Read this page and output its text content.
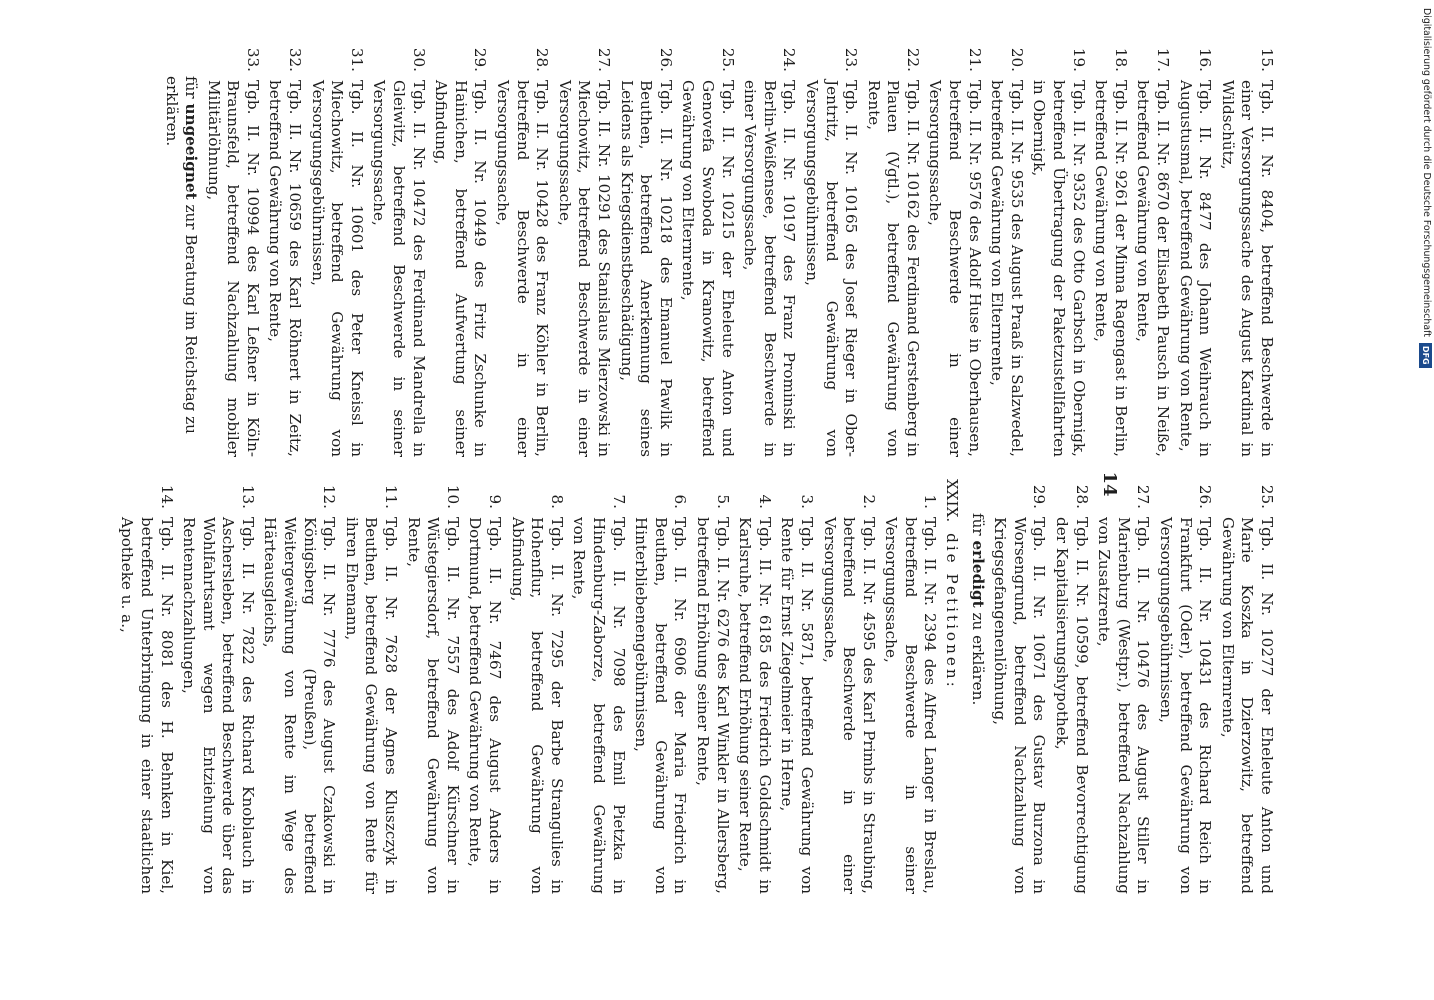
14
25.
Tgb. II. Nr. 10277 der Eheleute Anton und Marie Koszka in Dzierzowitz, betreffend Gewährung von Elternrente,
26.
Tgb. II. Nr. 10431 des Richard Reich in Frankfurt (Oder), betreffend Gewährung von Versorgungsgebührnissen,
27.
Tgb. II. Nr. 10476 des August Stiller in Marienburg (Westpr.), betreffend Nachzahlung von Zusatzrente,
28.
Tgb. II. Nr. 10599, betreffend Bevorrechtigung der Kapitalisierungshypothek,
29.
Tgb. II. Nr. 10671 des Gustav Burzona in Worsengrund, betreffend Nachzahlung von Kriegsgefangenenlöhnung,
für erledigt zu erklären.
XXIX. die Petitionen:
1.
Tgb. II. Nr. 2394 des Alfred Langer in Breslau, betreffend Beschwerde in seiner Versorgungssache,
2.
Tgb. II. Nr. 4595 des Karl Primbs in Straubing, betreffend Beschwerde in einer Versorgungssache,
3.
Tgb. II. Nr. 5871, betreffend Gewährung von Rente für Ernst Ziegelmeier in Herne,
4.
Tgb. II. Nr. 6185 des Friedrich Goldschmidt in Karlsruhe, betreffend Erhöhung seiner Rente,
5.
Tgb. II. Nr. 6276 des Karl Winkler in Allersberg, betreffend Erhöhung seiner Rente,
6.
Tgb. II. Nr. 6906 der Maria Friedrich in Beuthen, betreffend Gewährung von Hinterbliebenengebührnissen,
7.
Tgb. II. Nr. 7098 des Emil Pietzka in Hindenburg-Zaborze, betreffend Gewährung von Rente,
8.
Tgb. II. Nr. 7295 der Barbe Strangulies in Hohenflur, betreffend Gewährung von Abfindung,
9.
Tgb. II. Nr. 7467 des August Anders in Dortmund, betreffend Gewährung von Rente,
10.
Tgb. II. Nr. 7557 des Adolf Kürschner in Wüstegiersdorf, betreffend Gewährung von Rente,
11.
Tgb. II. Nr. 7628 der Agnes Kluszczyk in Beuthen, betreffend Gewährung von Rente für ihren Ehemann,
12.
Tgb. II. Nr. 7776 des August Czakowski in Königsberg (Preußen), betreffend Weitergewährung von Rente im Wege des Härteausgleichs,
13.
Tgb. II. Nr. 7822 des Richard Knoblauch in Aschersleben, betreffend Beschwerde über das Wohlfahrtsamt wegen Entziehung von Rentennachzahlungen,
14.
Tgb. II. Nr. 8081 des H. Behnken in Kiel, betreffend Unterbringung in einer staatlichen Apotheke u. a.,
15.
Tgb. II. Nr. 8404, betreffend Beschwerde in einer Versorgungssache des August Kardinal in Wildschütz,
16.
Tgb. II. Nr. 8477 des Johann Weihrauch in Augustusmal, betreffend Gewährung von Rente,
17.
Tgb. II. Nr. 8670 der Elisabeth Pausch in Neiße, betreffend Gewährung von Rente,
18.
Tgb. II. Nr. 9261 der Minna Ragengast in Berlin, betreffend Gewährung von Rente,
19.
Tgb. II. Nr. 9352 des Otto Garbsch in Obernigk, betreffend Übertragung der Paketzustellfahrten in Obernigk,
20.
Tgb. II. Nr. 9535 des August Praaß in Salzwedel, betreffend Gewährung von Elternrente,
21.
Tgb. II. Nr. 9576 des Adolf Huse in Oberhausen, betreffend Beschwerde in einer Versorgungssache,
22.
Tgb. II. Nr. 10162 des Ferdinand Gerstenberg in Plauen (Vgtl.), betreffend Gewährung von Rente,
23.
Tgb. II. Nr. 10165 des Josef Rieger in Ober-Jentritz, betreffend Gewährung von Versorgungsgebührnissen,
24.
Tgb. II. Nr. 10197 des Franz Prominski in Berlin-Weißensee, betreffend Beschwerde in einer Versorgungssache,
25.
Tgb. II. Nr. 10215 der Eheleute Anton und Genovefa Swoboda in Kranowitz, betreffend Gewährung von Elternrente,
26.
Tgb. II. Nr. 10218 des Emanuel Pawlik in Beuthen, betreffend Anerkennung seines Leidens als Kriegsdienstbeschädigung,
27.
Tgb. II. Nr. 10291 des Stanislaus Mierzowski in Miechowitz, betreffend Beschwerde in einer Versorgungssache,
28.
Tgb. II. Nr. 10428 des Franz Köhler in Berlin, betreffend Beschwerde in einer Versorgungssache,
29.
Tgb. II. Nr. 10449 des Fritz Zschunke in Hainichen, betreffend Aufwertung seiner Abfindung,
30.
Tgb. II. Nr. 10472 des Ferdinand Mandrella in Gleiwitz, betreffend Beschwerde in seiner Versorgungssache,
31.
Tgb. II. Nr. 10601 des Peter Kneissl in Miechowitz, betreffend Gewährung von Versorgungsgebührnissen,
32.
Tgb. II. Nr. 10659 des Karl Röhnert in Zeitz, betreffend Gewährung von Rente,
33.
Tgb. II. Nr. 10994 des Karl Leßner in Köln-Braunsfeld, betreffend Nachzahlung mobiler Militärlöhnung,
für ungeeignet zur Beratung im Reichstag zu erklären.	Digitalisierung gefördert durch die Deutsche Forschungsgemeinschaft
DFG
